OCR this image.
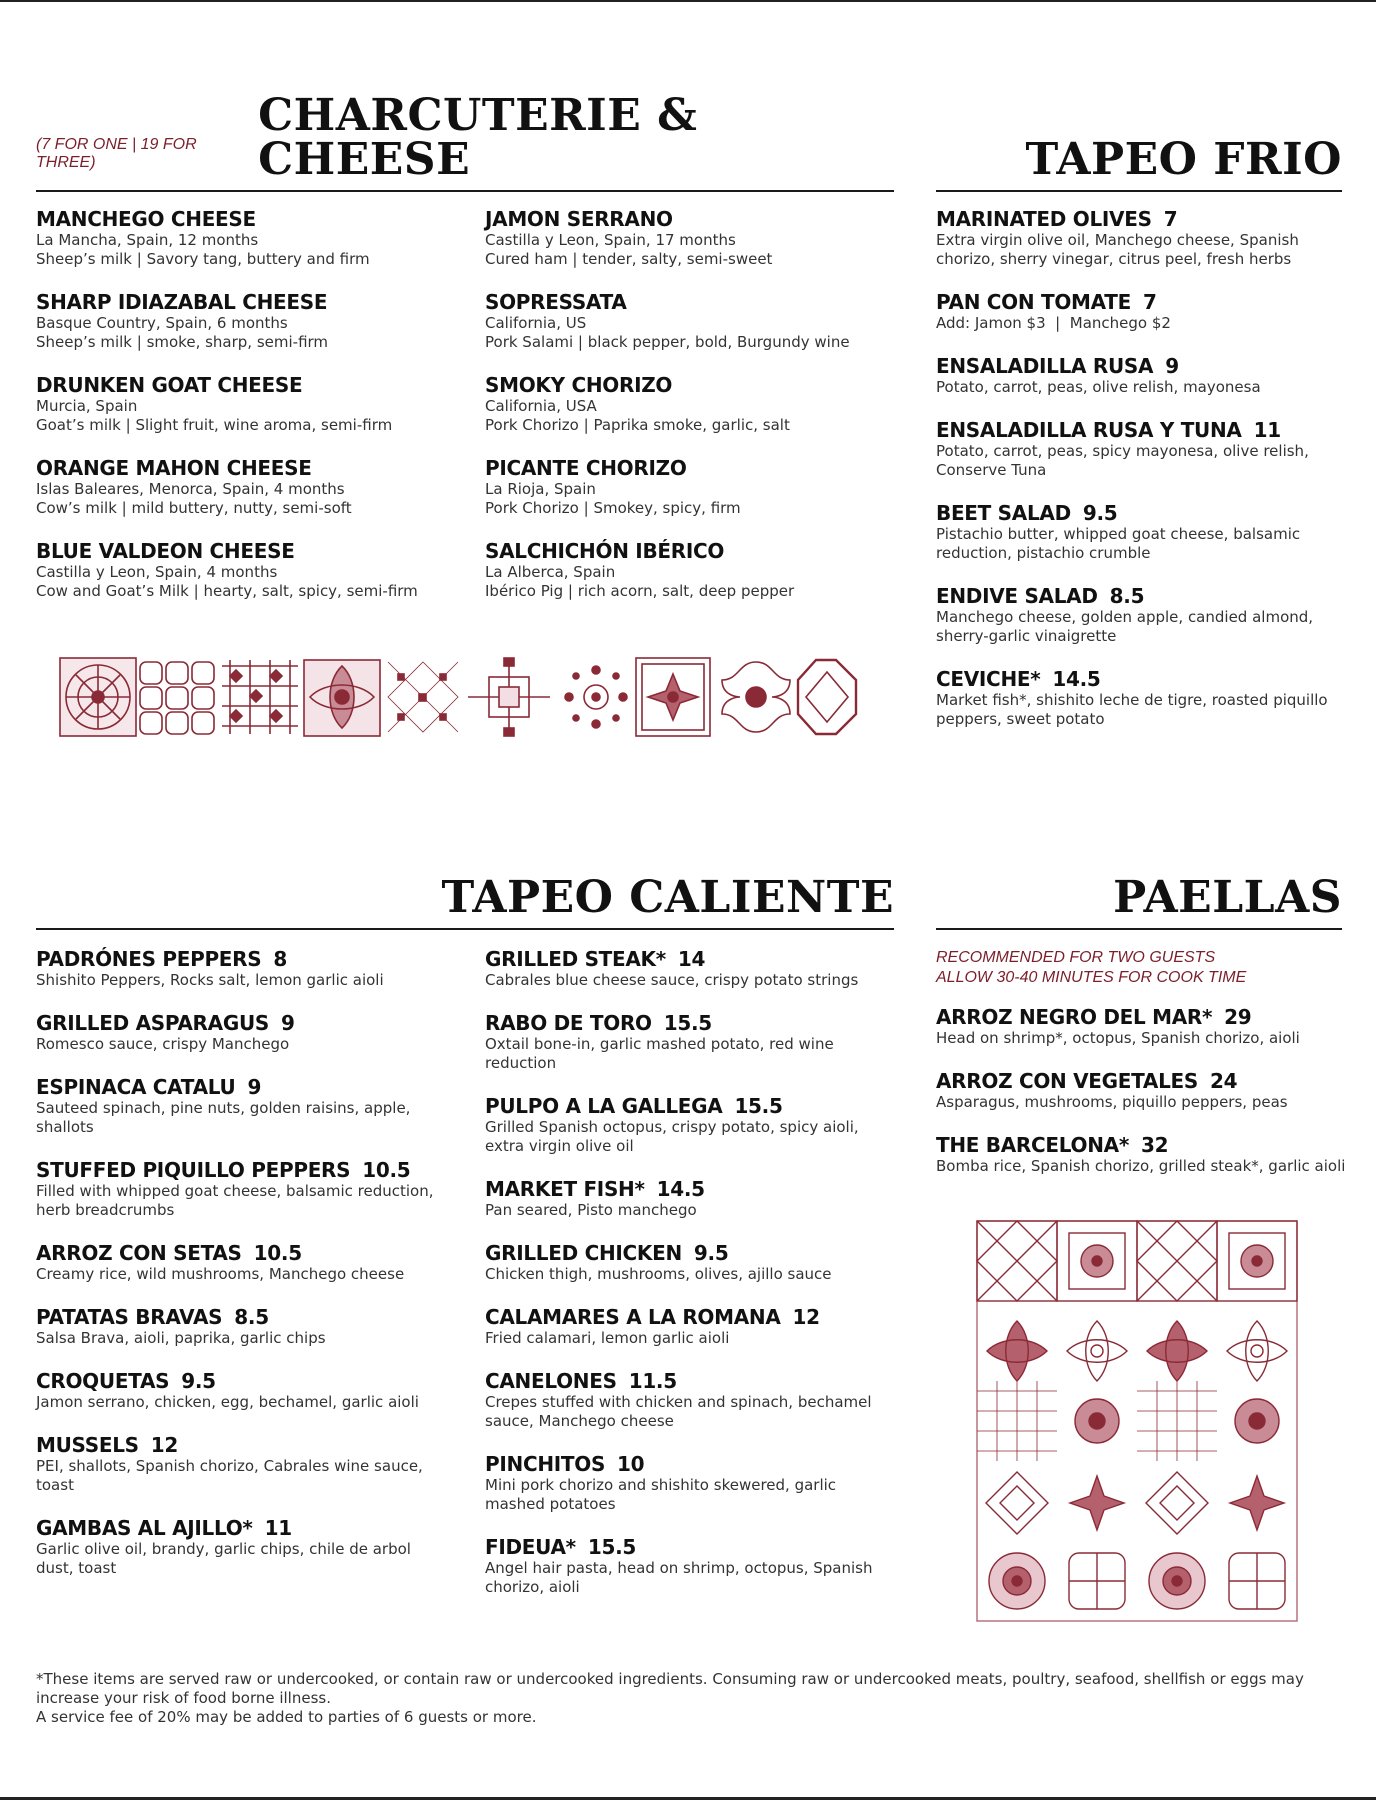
(7 FOR ONE | 19 FOR THREE)
CHARCUTERIE & CHEESE
MANCHEGO CHEESE
La Mancha, Spain, 12 months
Sheep’s milk | Savory tang, buttery and firm
SHARP IDIAZABAL CHEESE
Basque Country, Spain, 6 months
Sheep’s milk | smoke, sharp, semi-firm
DRUNKEN GOAT CHEESE
Murcia, Spain
Goat’s milk | Slight fruit, wine aroma, semi-firm
ORANGE MAHON CHEESE
Islas Baleares, Menorca, Spain, 4 months
Cow’s milk | mild buttery, nutty, semi-soft
BLUE VALDEON CHEESE
Castilla y Leon, Spain, 4 months
Cow and Goat’s Milk | hearty, salt, spicy, semi-firm
JAMON SERRANO
Castilla y Leon, Spain, 17 months
Cured ham | tender, salty, semi-sweet
SOPRESSATA
California, US
Pork Salami | black pepper, bold, Burgundy wine
SMOKY CHORIZO
California, USA
Pork Chorizo | Paprika smoke, garlic, salt
PICANTE CHORIZO
La Rioja, Spain
Pork Chorizo | Smokey, spicy, firm
SALCHICHÓN IBÉRICO
La Alberca, Spain
Ibérico Pig | rich acorn, salt, deep pepper
TAPEO FRIO
MARINATED OLIVES 7
Extra virgin olive oil, Manchego cheese, Spanish chorizo, sherry vinegar, citrus peel, fresh herbs
PAN CON TOMATE 7
Add: Jamon $3  |  Manchego $2
ENSALADILLA RUSA 9
Potato, carrot, peas, olive relish, mayonesa
ENSALADILLA RUSA Y TUNA 11
Potato, carrot, peas, spicy mayonesa, olive relish, Conserve Tuna
BEET SALAD 9.5
Pistachio butter, whipped goat cheese, balsamic reduction, pistachio crumble
ENDIVE SALAD 8.5
Manchego cheese, golden apple, candied almond, sherry-garlic vinaigrette
CEVICHE* 14.5
Market fish*, shishito leche de tigre, roasted piquillo peppers, sweet potato
TAPEO CALIENTE
PADRÓNES PEPPERS 8
Shishito Peppers, Rocks salt, lemon garlic aioli
GRILLED ASPARAGUS 9
Romesco sauce, crispy Manchego
ESPINACA CATALU 9
Sauteed spinach, pine nuts, golden raisins, apple, shallots
STUFFED PIQUILLO PEPPERS 10.5
Filled with whipped goat cheese, balsamic reduction, herb breadcrumbs
ARROZ CON SETAS 10.5
Creamy rice, wild mushrooms, Manchego cheese
PATATAS BRAVAS 8.5
Salsa Brava, aioli, paprika, garlic chips
CROQUETAS 9.5
Jamon serrano, chicken, egg, bechamel, garlic aioli
MUSSELS 12
PEI, shallots, Spanish chorizo, Cabrales wine sauce, toast
GAMBAS AL AJILLO* 11
Garlic olive oil, brandy, garlic chips, chile de arbol dust, toast
GRILLED STEAK* 14
Cabrales blue cheese sauce, crispy potato strings
RABO DE TORO 15.5
Oxtail bone-in, garlic mashed potato, red wine reduction
PULPO A LA GALLEGA 15.5
Grilled Spanish octopus, crispy potato, spicy aioli, extra virgin olive oil
MARKET FISH* 14.5
Pan seared, Pisto manchego
GRILLED CHICKEN 9.5
Chicken thigh, mushrooms, olives, ajillo sauce
CALAMARES A LA ROMANA 12
Fried calamari, lemon garlic aioli
CANELONES 11.5
Crepes stuffed with chicken and spinach, bechamel sauce, Manchego cheese
PINCHITOS 10
Mini pork chorizo and shishito skewered, garlic mashed potatoes
FIDEUA* 15.5
Angel hair pasta, head on shrimp, octopus, Spanish chorizo, aioli
PAELLAS
RECOMMENDED FOR TWO GUESTS
ALLOW 30-40 MINUTES FOR COOK TIME
ARROZ NEGRO DEL MAR* 29
Head on shrimp*, octopus, Spanish chorizo, aioli
ARROZ CON VEGETALES 24
Asparagus, mushrooms, piquillo peppers, peas
THE BARCELONA* 32
Bomba rice, Spanish chorizo, grilled steak*, garlic aioli
*These items are served raw or undercooked, or contain raw or undercooked ingredients. Consuming raw or undercooked meats, poultry, seafood, shellfish or eggs may increase your risk of food borne illness.
A service fee of 20% may be added to parties of 6 guests or more.
